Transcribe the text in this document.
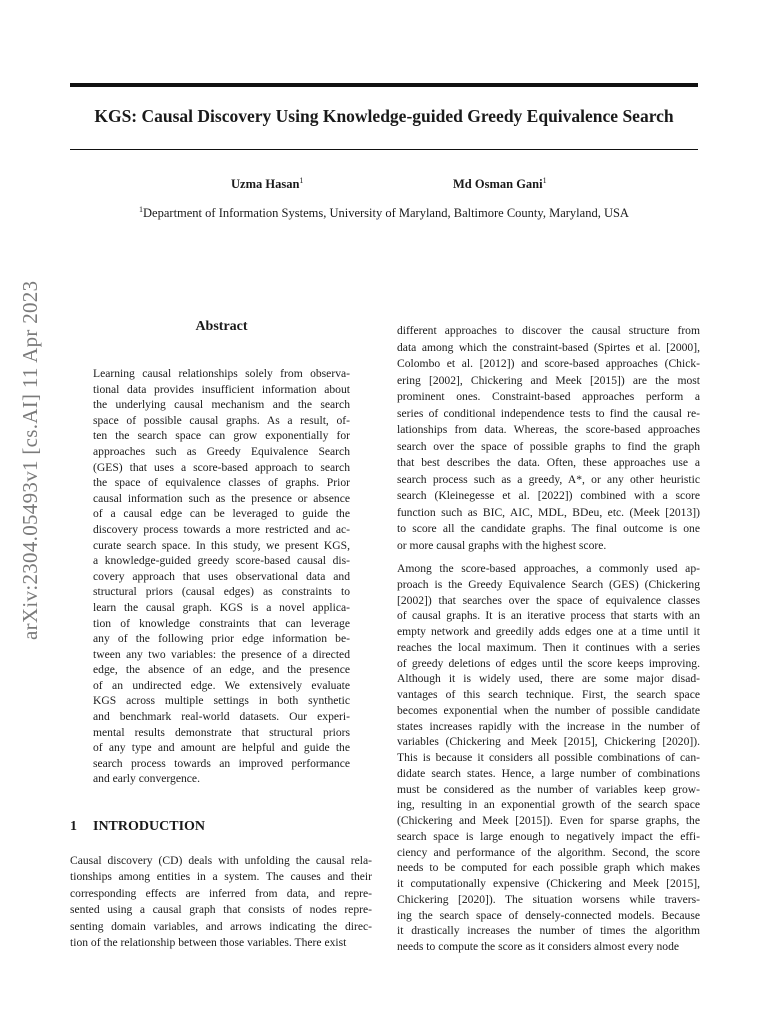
arXiv:2304.05493v1 [cs.AI] 11 Apr 2023
KGS: Causal Discovery Using Knowledge-guided Greedy Equivalence Search
Uzma Hasan$^1$	Md Osman Gani$^1$
$^1$Department of Information Systems, University of Maryland, Baltimore County, Maryland, USA
Abstract
Learning causal relationships solely from observa-
tional data provides insufficient information about
the underlying causal mechanism and the search
space of possible causal graphs. As a result, of-
ten the search space can grow exponentially for
approaches such as Greedy Equivalence Search
(GES) that uses a score-based approach to search
the space of equivalence classes of graphs. Prior
causal information such as the presence or absence
of a causal edge can be leveraged to guide the
discovery process towards a more restricted and ac-
curate search space. In this study, we present KGS,
a knowledge-guided greedy score-based causal dis-
covery approach that uses observational data and
structural priors (causal edges) as constraints to
learn the causal graph. KGS is a novel applica-
tion of knowledge constraints that can leverage
any of the following prior edge information be-
tween any two variables: the presence of a directed
edge, the absence of an edge, and the presence
of an undirected edge. We extensively evaluate
KGS across multiple settings in both synthetic
and benchmark real-world datasets. Our experi-
mental results demonstrate that structural priors
of any type and amount are helpful and guide the
search process towards an improved performance
and early convergence.
1 INTRODUCTION
Causal discovery (CD) deals with unfolding the causal rela-
tionships among entities in a system. The causes and their
corresponding effects are inferred from data, and repre-
sented using a causal graph that consists of nodes repre-
senting domain variables, and arrows indicating the direc-
tion of the relationship between those variables. There exist
different approaches to discover the causal structure from
data among which the constraint-based (Spirtes et al. [2000],
Colombo et al. [2012]) and score-based approaches (Chick-
ering [2002], Chickering and Meek [2015]) are the most
prominent ones. Constraint-based approaches perform a
series of conditional independence tests to find the causal re-
lationships from data. Whereas, the score-based approaches
search over the space of possible graphs to find the graph
that best describes the data. Often, these approaches use a
search process such as a greedy, A*, or any other heuristic
search (Kleinegesse et al. [2022]) combined with a score
function such as BIC, AIC, MDL, BDeu, etc. (Meek [2013])
to score all the candidate graphs. The final outcome is one
or more causal graphs with the highest score.
Among the score-based approaches, a commonly used ap-
proach is the Greedy Equivalence Search (GES) (Chickering
[2002]) that searches over the space of equivalence classes
of causal graphs. It is an iterative process that starts with an
empty network and greedily adds edges one at a time until it
reaches the local maximum. Then it continues with a series
of greedy deletions of edges until the score keeps improving.
Although it is widely used, there are some major disad-
vantages of this search technique. First, the search space
becomes exponential when the number of possible candidate
states increases rapidly with the increase in the number of
variables (Chickering and Meek [2015], Chickering [2020]).
This is because it considers all possible combinations of can-
didate search states. Hence, a large number of combinations
must be considered as the number of variables keep grow-
ing, resulting in an exponential growth of the search space
(Chickering and Meek [2015]). Even for sparse graphs, the
search space is large enough to negatively impact the effi-
ciency and performance of the algorithm. Second, the score
needs to be computed for each possible graph which makes
it computationally expensive (Chickering and Meek [2015],
Chickering [2020]). The situation worsens while travers-
ing the search space of densely-connected models. Because
it drastically increases the number of times the algorithm
needs to compute the score as it considers almost every node
